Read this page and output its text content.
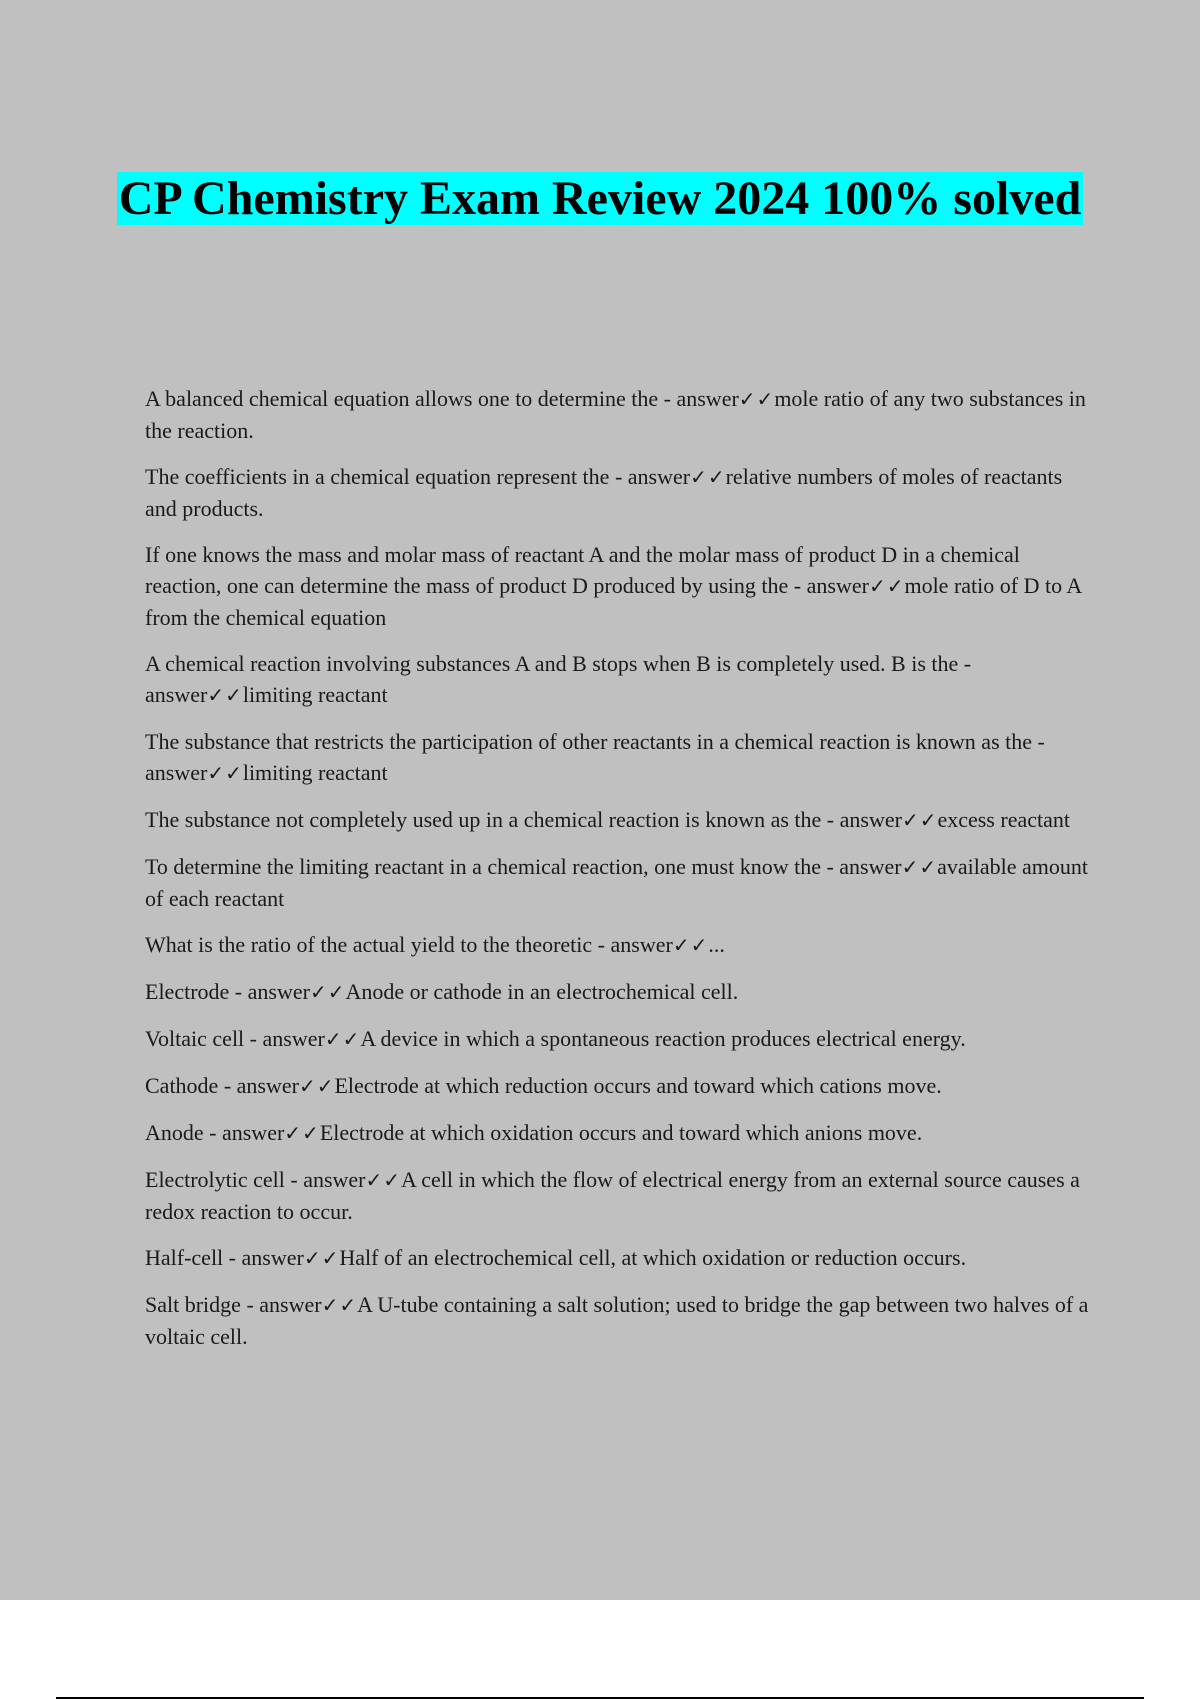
CP Chemistry Exam Review 2024 100% solved

A balanced chemical equation allows one to determine the - answer✓✓mole ratio of any two substances in the reaction.

The coefficients in a chemical equation represent the - answer✓✓relative numbers of moles of reactants and products.

If one knows the mass and molar mass of reactant A and the molar mass of product D in a chemical reaction, one can determine the mass of product D produced by using the - answer✓✓mole ratio of D to A from the chemical equation

A chemical reaction involving substances A and B stops when B is completely used. B is the - answer✓✓limiting reactant

The substance that restricts the participation of other reactants in a chemical reaction is known as the - answer✓✓limiting reactant

The substance not completely used up in a chemical reaction is known as the - answer✓✓excess reactant

To determine the limiting reactant in a chemical reaction, one must know the - answer✓✓available amount of each reactant

What is the ratio of the actual yield to the theoretic - answer✓✓...

Electrode - answer✓✓Anode or cathode in an electrochemical cell.

Voltaic cell - answer✓✓A device in which a spontaneous reaction produces electrical energy.

Cathode - answer✓✓Electrode at which reduction occurs and toward which cations move.

Anode - answer✓✓Electrode at which oxidation occurs and toward which anions move.

Electrolytic cell - answer✓✓A cell in which the flow of electrical energy from an external source causes a redox reaction to occur.

Half-cell - answer✓✓Half of an electrochemical cell, at which oxidation or reduction occurs.

Salt bridge - answer✓✓A U-tube containing a salt solution; used to bridge the gap between two halves of a voltaic cell.
